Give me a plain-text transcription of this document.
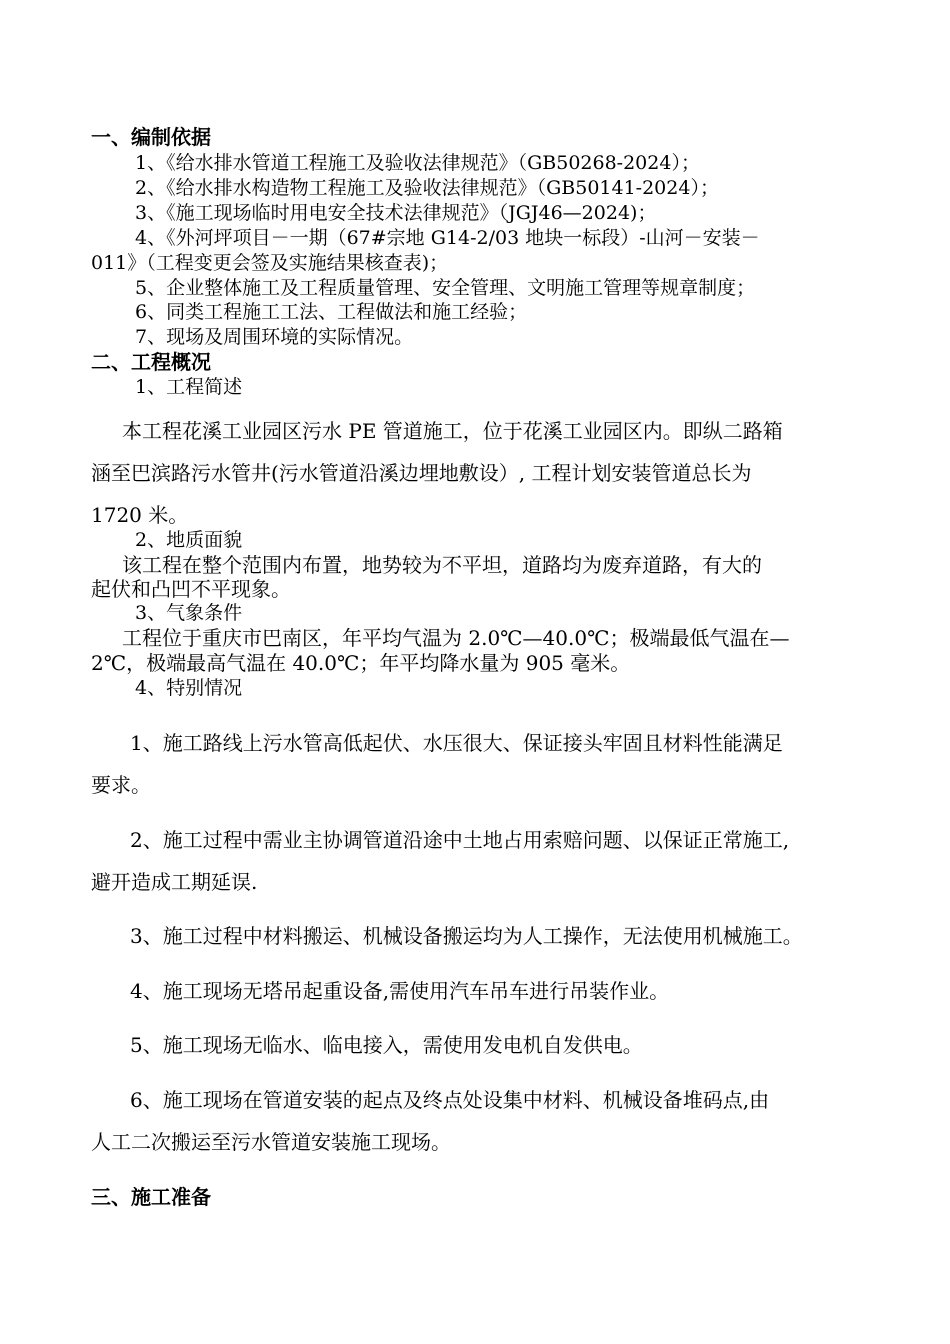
一、编制依据
1、《给水排水管道工程施工及验收法律规范》（GB50268-2024）；
2、《给水排水构造物工程施工及验收法律规范》（GB50141-2024）；
3、《施工现场临时用电安全技术法律规范》（JGJ46—2024)；
4、《外河坪项目－一期（67#宗地 G14-2/03 地块一标段）-山河－安装－
011》（工程变更会签及实施结果核查表)；
5、企业整体施工及工程质量管理、安全管理、文明施工管理等规章制度；
6、同类工程施工工法、工程做法和施工经验；
7、现场及周围环境的实际情况。
二、工程概况
1、工程简述
本工程花溪工业园区污水 PE 管道施工，位于花溪工业园区内。即纵二路箱
涵至巴滨路污水管井(污水管道沿溪边埋地敷设）, 工程计划安装管道总长为
1720 米。
2、地质面貌
该工程在整个范围内布置，地势较为不平坦，道路均为废弃道路，有大的
起伏和凸凹不平现象。
3、气象条件
工程位于重庆市巴南区，年平均气温为 2.0℃—40.0℃；极端最低气温在—
2℃，极端最高气温在 40.0℃；年平均降水量为 905 毫米。
4、特别情况
1、施工路线上污水管高低起伏、水压很大、保证接头牢固且材料性能满足
要求。
2、施工过程中需业主协调管道沿途中土地占用索赔问题、以保证正常施工,
避开造成工期延误.
3、施工过程中材料搬运、机械设备搬运均为人工操作，无法使用机械施工。
4、施工现场无塔吊起重设备,需使用汽车吊车进行吊装作业。
5、施工现场无临水、临电接入，需使用发电机自发供电。
6、施工现场在管道安装的起点及终点处设集中材料、机械设备堆码点,由
人工二次搬运至污水管道安装施工现场。
三、施工准备
